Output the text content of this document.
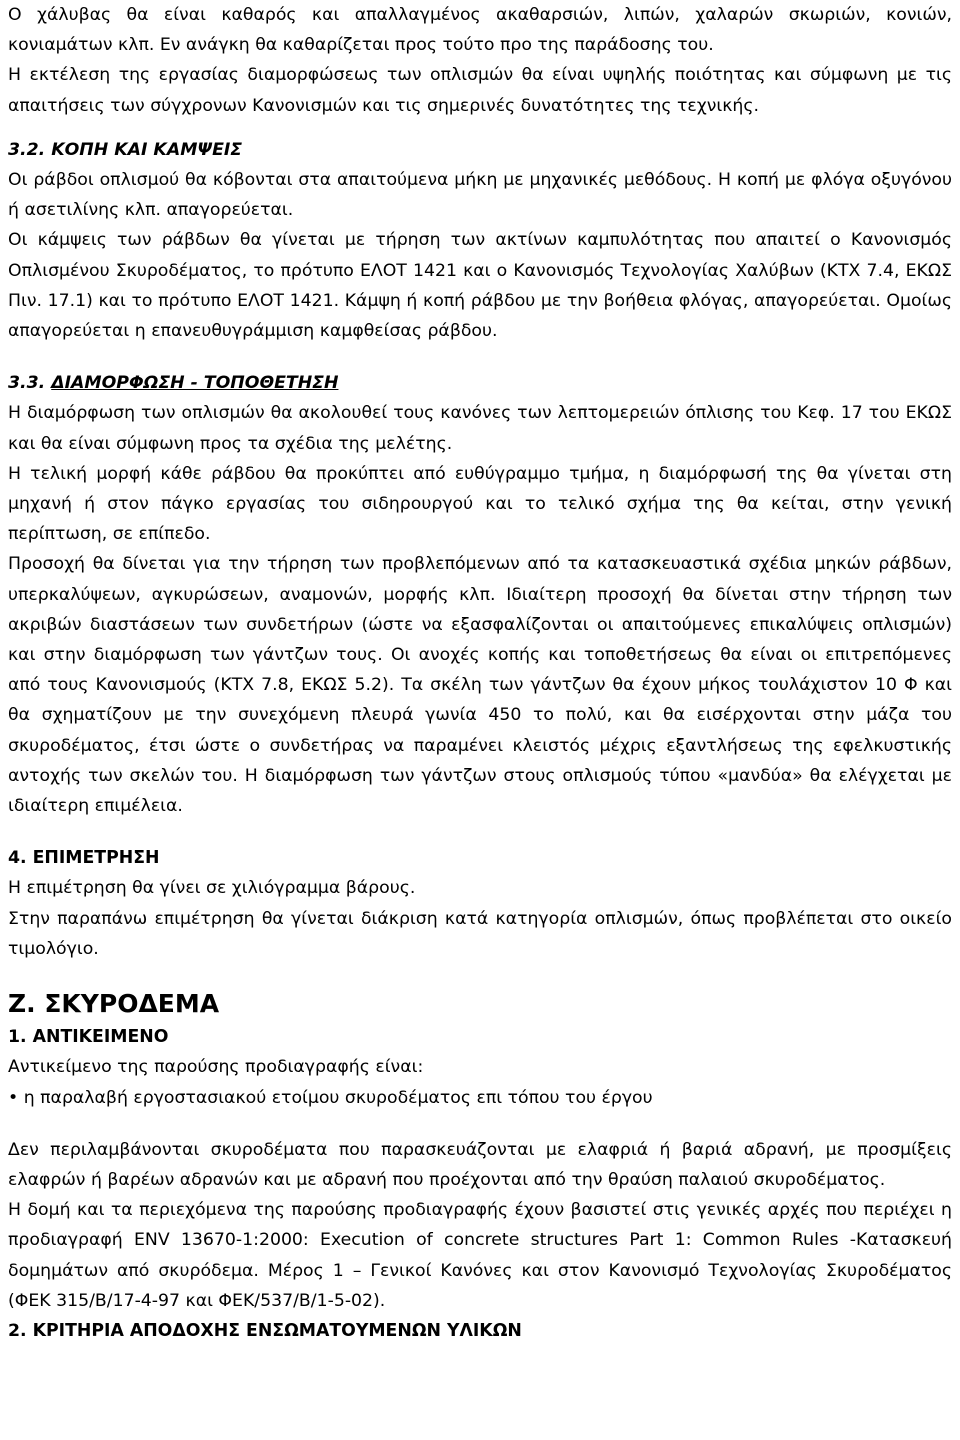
Ο χάλυβας θα είναι καθαρός και απαλλαγμένος ακαθαρσιών, λιπών, χαλαρών σκωριών, κονιών, κονιαμάτων κλπ. Εν ανάγκη θα καθαρίζεται προς τούτο προ της παράδοσης του.

Η εκτέλεση της εργασίας διαμορφώσεως των οπλισμών θα είναι υψηλής ποιότητας και σύμφωνη με τις απαιτήσεις των σύγχρονων Κανονισμών και τις σημερινές δυνατότητες της τεχνικής.

3.2. ΚΟΠΗ ΚΑΙ ΚΑΜΨΕΙΣ

Οι ράβδοι οπλισμού θα κόβονται στα απαιτούμενα μήκη με μηχανικές μεθόδους. Η κοπή με φλόγα οξυγόνου ή ασετιλίνης κλπ. απαγορεύεται.

Οι κάμψεις των ράβδων θα γίνεται με τήρηση των ακτίνων καμπυλότητας που απαιτεί ο Κανονισμός Οπλισμένου Σκυροδέματος, το πρότυπο ΕΛΟΤ 1421 και ο Κανονισμός Τεχνολογίας Χαλύβων (ΚΤΧ 7.4, ΕΚΩΣ Πιν. 17.1) και το πρότυπο ΕΛΟΤ 1421. Κάμψη ή κοπή ράβδου με την βοήθεια φλόγας, απαγορεύεται. Ομοίως απαγορεύεται η επανευθυγράμμιση καμφθείσας ράβδου.

3.3. ΔΙΑΜΟΡΦΩΣΗ - ΤΟΠΟΘΕΤΗΣΗ

Η διαμόρφωση των οπλισμών θα ακολουθεί τους κανόνες των λεπτομερειών όπλισης του Κεφ. 17 του ΕΚΩΣ και θα είναι σύμφωνη προς τα σχέδια της μελέτης.

Η τελική μορφή κάθε ράβδου θα προκύπτει από ευθύγραμμο τμήμα, η διαμόρφωσή της θα γίνεται στη μηχανή ή στον πάγκο εργασίας του σιδηρουργού και το τελικό σχήμα της θα κείται, στην γενική περίπτωση, σε επίπεδο.

Προσοχή θα δίνεται για την τήρηση των προβλεπόμενων από τα κατασκευαστικά σχέδια μηκών ράβδων, υπερκαλύψεων, αγκυρώσεων, αναμονών, μορφής κλπ. Ιδιαίτερη προσοχή θα δίνεται στην τήρηση των ακριβών διαστάσεων των συνδετήρων (ώστε να εξασφαλίζονται οι απαιτούμενες επικαλύψεις οπλισμών) και στην διαμόρφωση των γάντζων τους. Οι ανοχές κοπής και τοποθετήσεως θα είναι οι επιτρεπόμενες από τους Κανονισμούς (ΚΤΧ 7.8, ΕΚΩΣ 5.2). Τα σκέλη των γάντζων θα έχουν μήκος τουλάχιστον 10 Φ και θα σχηματίζουν με την συνεχόμενη πλευρά γωνία 450 το πολύ, και θα εισέρχονται στην μάζα του σκυροδέματος, έτσι ώστε ο συνδετήρας να παραμένει κλειστός μέχρις εξαντλήσεως της εφελκυστικής αντοχής των σκελών του. Η διαμόρφωση των γάντζων στους οπλισμούς τύπου «μανδύα» θα ελέγχεται με ιδιαίτερη επιμέλεια.

4. ΕΠΙΜΕΤΡΗΣΗ

Η επιμέτρηση θα γίνει σε χιλιόγραμμα βάρους.

Στην παραπάνω επιμέτρηση θα γίνεται διάκριση κατά κατηγορία οπλισμών, όπως προβλέπεται στο οικείο τιμολόγιο.

Ζ. ΣΚΥΡΟΔΕΜΑ

1. ΑΝΤΙΚΕΙΜΕΝΟ

Αντικείμενο της παρούσης προδιαγραφής είναι:

• η παραλαβή εργοστασιακού ετοίμου σκυροδέματος επι τόπου του έργου

Δεν περιλαμβάνονται σκυροδέματα που παρασκευάζονται με ελαφριά ή βαριά αδρανή, με προσμίξεις ελαφρών ή βαρέων αδρανών και με αδρανή που προέχονται από την θραύση παλαιού σκυροδέματος.

Η δομή και τα περιεχόμενα της παρούσης προδιαγραφής έχουν βασιστεί στις γενικές αρχές που περιέχει η προδιαγραφή ENV 13670-1:2000: Execution of concrete structures Part 1: Common Rules -Κατασκευή δομημάτων από σκυρόδεμα. Μέρος 1 – Γενικοί Κανόνες και στον Κανονισμό Τεχνολογίας Σκυροδέματος (ΦΕΚ 315/Β/17-4-97 και ΦΕΚ/537/Β/1-5-02).

2. ΚΡΙΤΗΡΙΑ ΑΠΟΔΟΧΗΣ ΕΝΣΩΜΑΤΟΥΜΕΝΩΝ ΥΛΙΚΩΝ
